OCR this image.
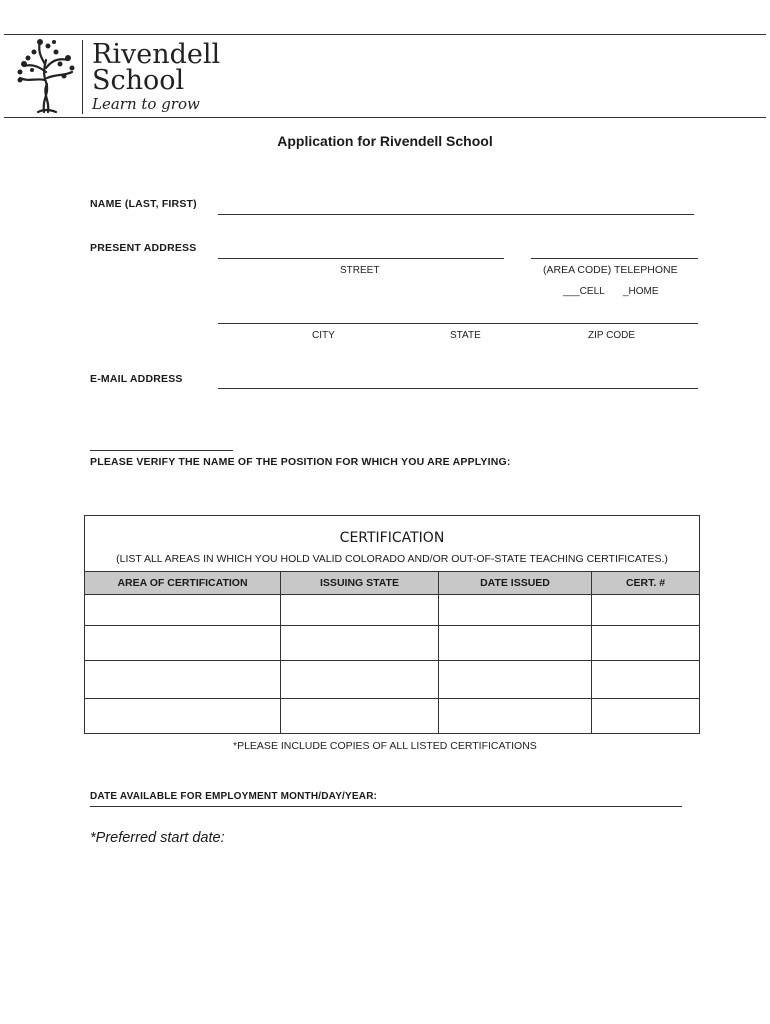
Rivendell
School
Learn to grow
Application for Rivendell School
NAME (LAST, FIRST)
PRESENT ADDRESS
STREET	(AREA CODE) TELEPHONE
___CELL _HOME
CITY	STATE	ZIP CODE
E-MAIL ADDRESS
PLEASE VERIFY THE NAME OF THE POSITION FOR WHICH YOU ARE APPLYING:
CERTIFICATION
(LIST ALL AREAS IN WHICH YOU HOLD VALID COLORADO AND/OR OUT-OF-STATE TEACHING CERTIFICATES.)
AREA OF CERTIFICATION	ISSUING STATE	DATE ISSUED	CERT. #

*PLEASE INCLUDE COPIES OF ALL LISTED CERTIFICATIONS
DATE AVAILABLE FOR EMPLOYMENT MONTH/DAY/YEAR:
*Preferred start date:
